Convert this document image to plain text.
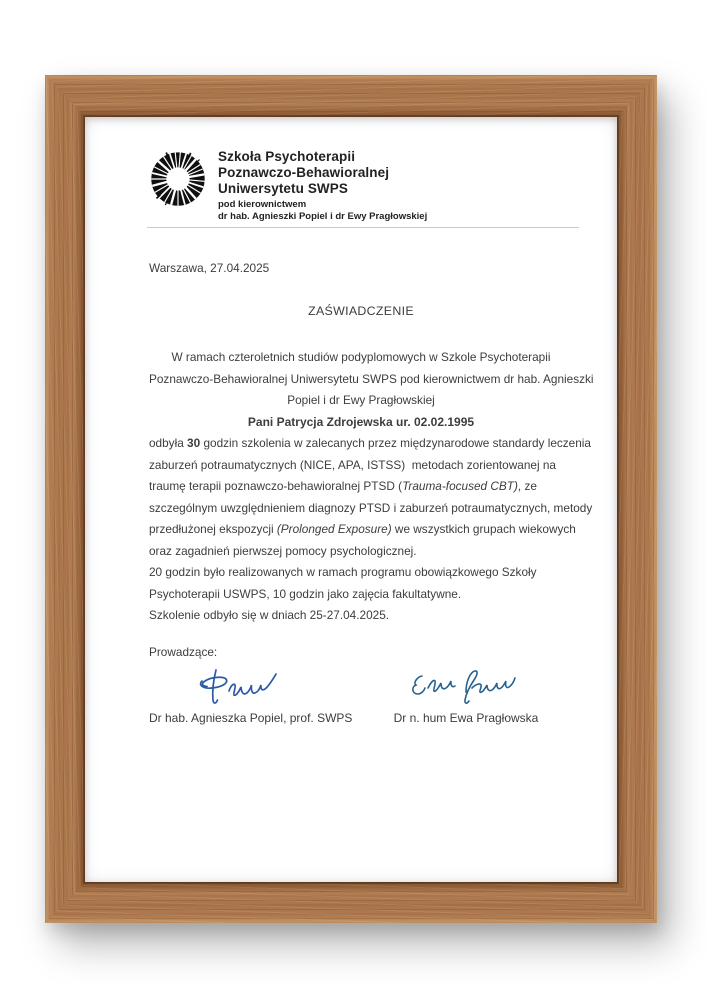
Szkoła Psychoterapii
Poznawczo-Behawioralnej
Uniwersytetu SWPS
pod kierownictwem
dr hab. Agnieszki Popiel i dr Ewy Pragłowskiej
Warszawa, 27.04.2025
ZAŚWIADCZENIE
W ramach czteroletnich studiów podyplomowych w Szkole Psychoterapii
Poznawczo-Behawioralnej Uniwersytetu SWPS pod kierownictwem dr hab. Agnieszki
Popiel i dr Ewy Pragłowskiej
Pani Patrycja Zdrojewska ur. 02.02.1995
odbyła 30 godzin szkolenia w zalecanych przez międzynarodowe standardy leczenia
zaburzeń potraumatycznych (NICE, APA, ISTSS)  metodach zorientowanej na
traumę terapii poznawczo-behawioralnej PTSD (Trauma-focused CBT), ze
szczególnym uwzględnieniem diagnozy PTSD i zaburzeń potraumatycznych, metody
przedłużonej ekspozycji (Prolonged Exposure) we wszystkich grupach wiekowych
oraz zagadnień pierwszej pomocy psychologicznej.
20 godzin było realizowanych w ramach programu obowiązkowego Szkoły
Psychoterapii USWPS, 10 godzin jako zajęcia fakultatywne.
Szkolenie odbyło się w dniach 25-27.04.2025.
Prowadzące:
Dr hab. Agnieszka Popiel, prof. SWPS	Dr n. hum Ewa Pragłowska
